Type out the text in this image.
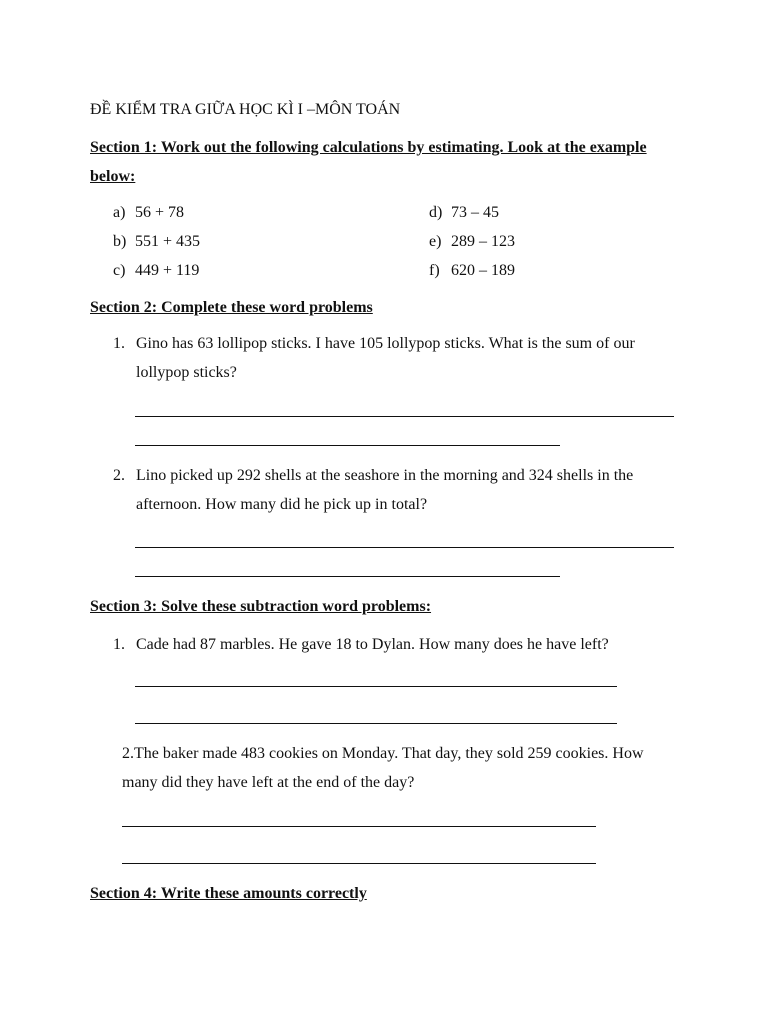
ĐỀ KIỂM TRA GIỮA HỌC KÌ I –MÔN TOÁN
Section 1: Work out the following calculations by estimating. Look at the example
below:
a) 56 + 78
b) 551 + 435
c) 449 + 119
d) 73 – 45
e) 289 – 123
f) 620 – 189
Section 2: Complete these word problems
1. Gino has 63 lollipop sticks. I have 105 lollypop sticks. What is the sum of our
lollypop sticks?
2. Lino picked up 292 shells at the seashore in the morning and 324 shells in the
afternoon. How many did he pick up in total?
Section 3: Solve these subtraction word problems:
1. Cade had 87 marbles. He gave 18 to Dylan. How many does he have left?
2.The baker made 483 cookies on Monday. That day, they sold 259 cookies. How
many did they have left at the end of the day?
Section 4: Write these amounts correctly
